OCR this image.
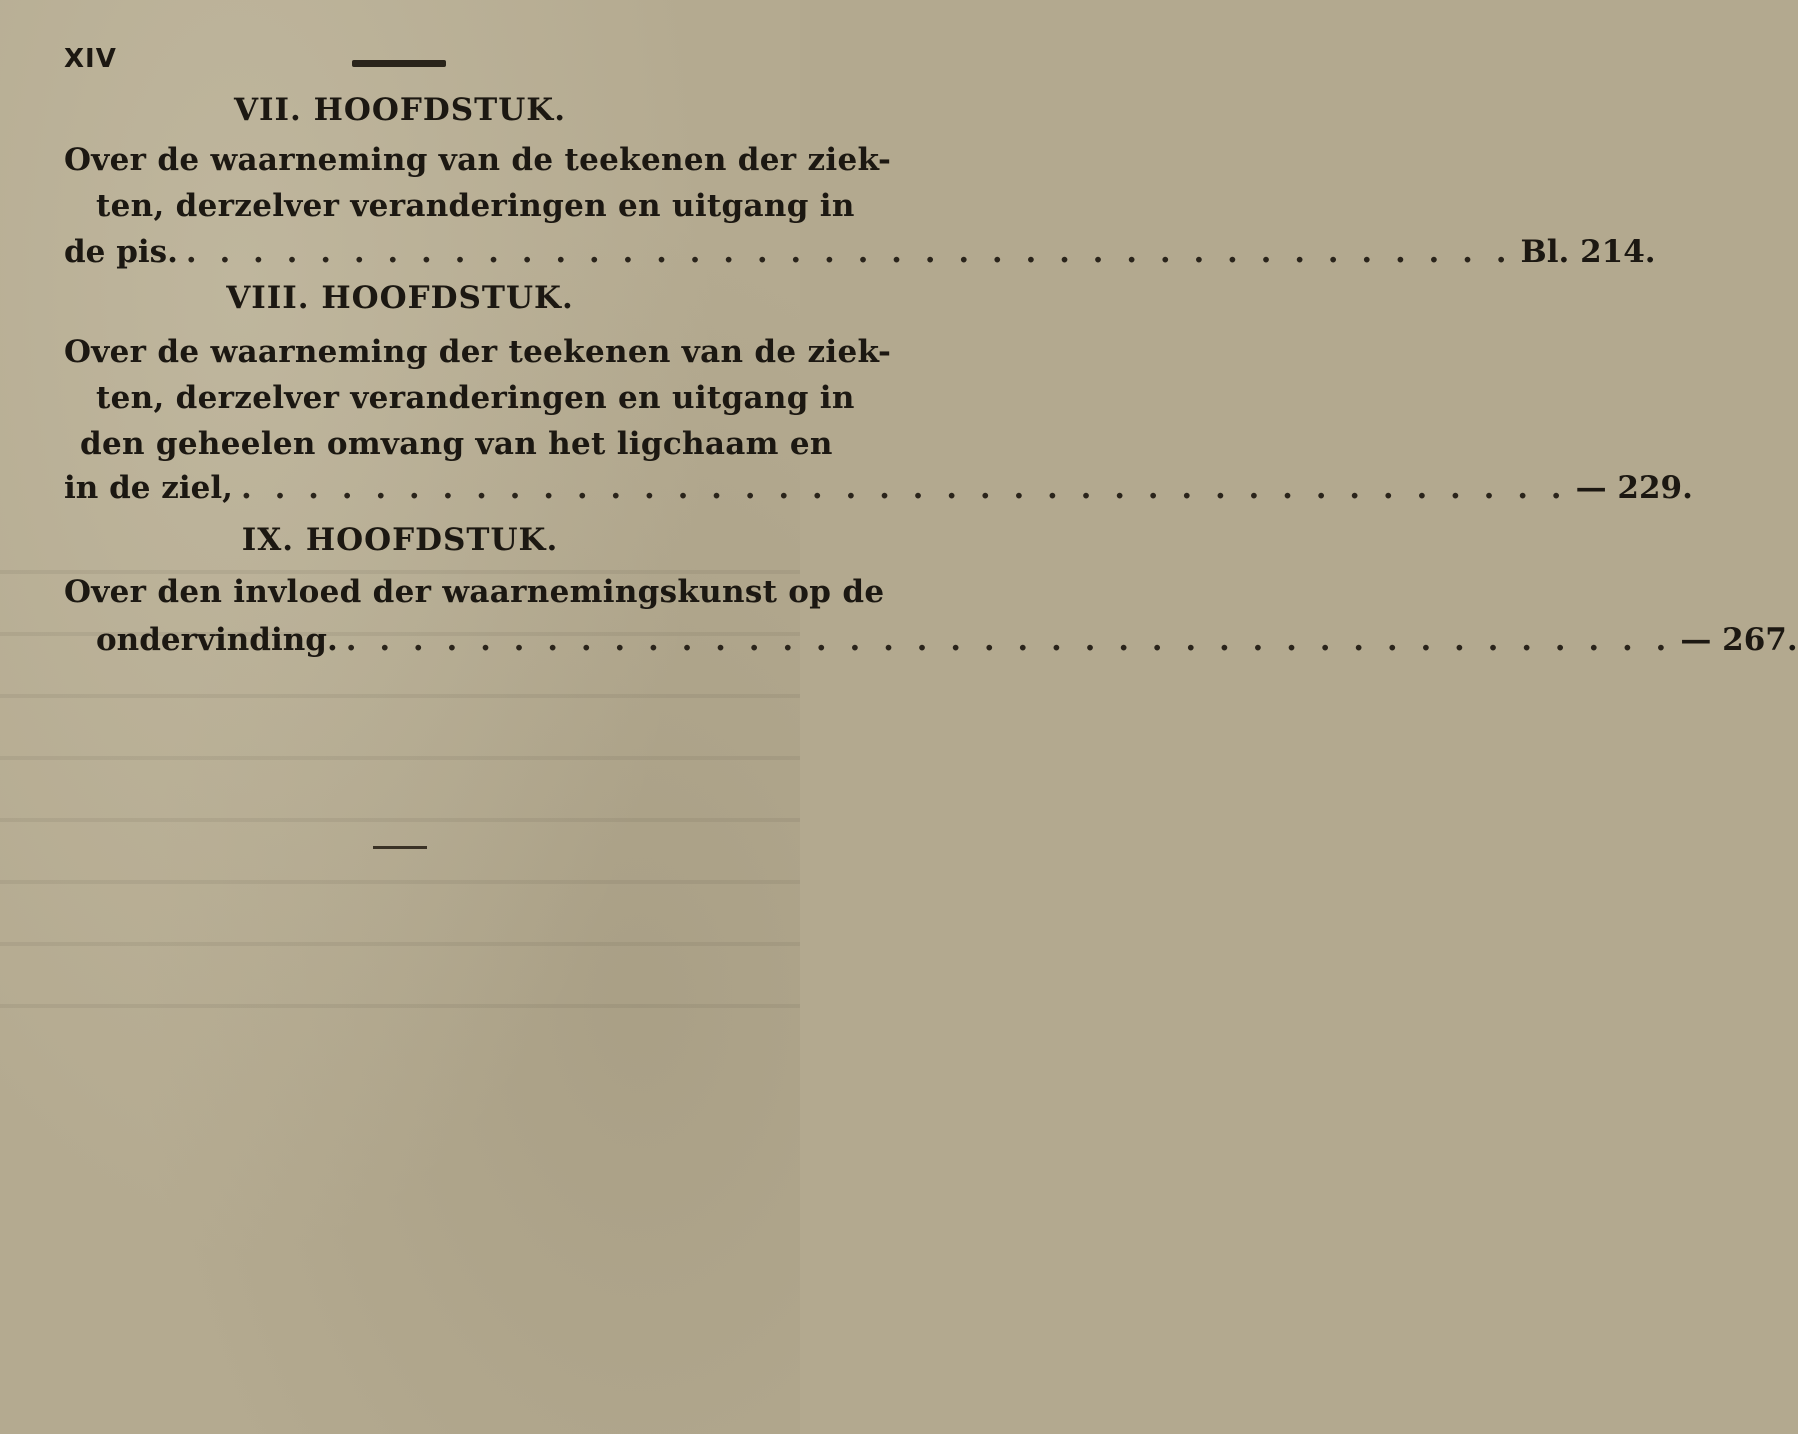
XIV
VII. HOOFDSTUK.
Over de waarneming van de teekenen der ziek-
ten, derzelver veranderingen en uitgang in
de pis. . . .	Bl. 214.
VIII. HOOFDSTUK.
Over de waarneming der teekenen van de ziek-
ten, derzelver veranderingen en uitgang in
den geheelen omvang van het ligchaam en
in de ziel, . . .	— 229.
IX. HOOFDSTUK.
Over den invloed der waarnemingskunst op de
ondervinding. . . .	— 267.
